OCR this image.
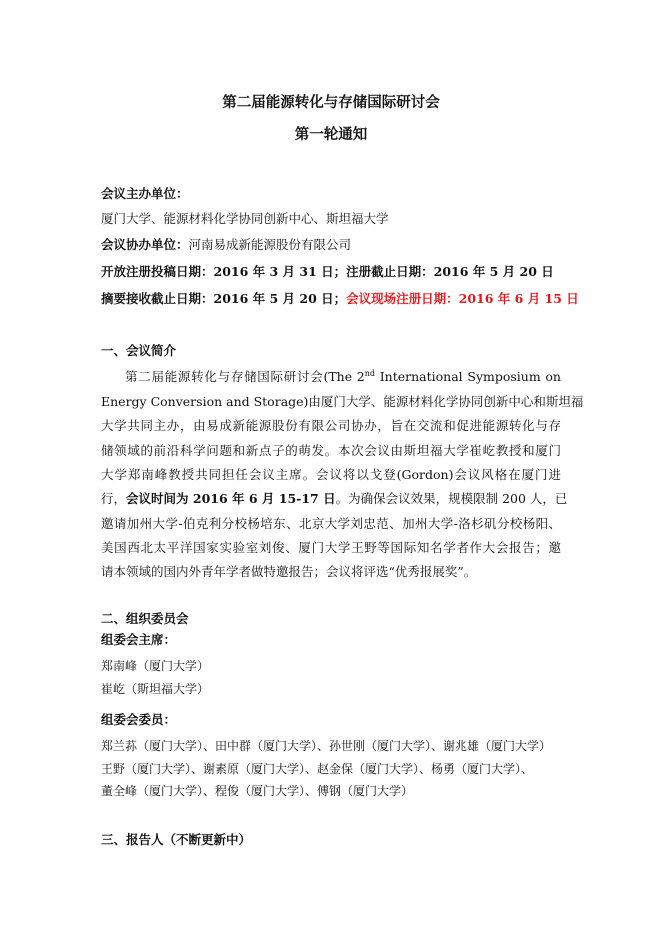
第二届能源转化与存储国际研讨会
第一轮通知
会议主办单位：
厦门大学、能源材料化学协同创新中心、斯坦福大学
会议协办单位：河南易成新能源股份有限公司
开放注册投稿日期：2016 年 3 月 31 日；注册截止日期：2016 年 5 月 20 日
摘要接收截止日期：2016 年 5 月 20 日；会议现场注册日期：2016 年 6 月 15 日
一、会议简介
第二届能源转化与存储国际研讨会(The 2nd International Symposium on
Energy Conversion and Storage)由厦门大学、能源材料化学协同创新中心和斯坦福
大学共同主办，由易成新能源股份有限公司协办，旨在交流和促进能源转化与存
储领域的前沿科学问题和新点子的萌发。本次会议由斯坦福大学崔屹教授和厦门
大学郑南峰教授共同担任会议主席。会议将以戈登(Gordon)会议风格在厦门进
行，会议时间为 2016 年 6 月 15-17 日。为确保会议效果，规模限制 200 人，已
邀请加州大学-伯克利分校杨培东、北京大学刘忠范、加州大学-洛杉矶分校杨阳、
美国西北太平洋国家实验室刘俊、厦门大学王野等国际知名学者作大会报告；邀
请本领域的国内外青年学者做特邀报告；会议将评选“优秀报展奖”。
二、组织委员会
组委会主席：
郑南峰（厦门大学）
崔屹（斯坦福大学）
组委会委员：
郑兰荪（厦门大学）、田中群（厦门大学）、孙世刚（厦门大学）、谢兆雄（厦门大学）
王野（厦门大学）、谢素原（厦门大学）、赵金保（厦门大学）、杨勇（厦门大学）、
董全峰（厦门大学）、程俊（厦门大学）、傅钢（厦门大学）
三、报告人（不断更新中）
